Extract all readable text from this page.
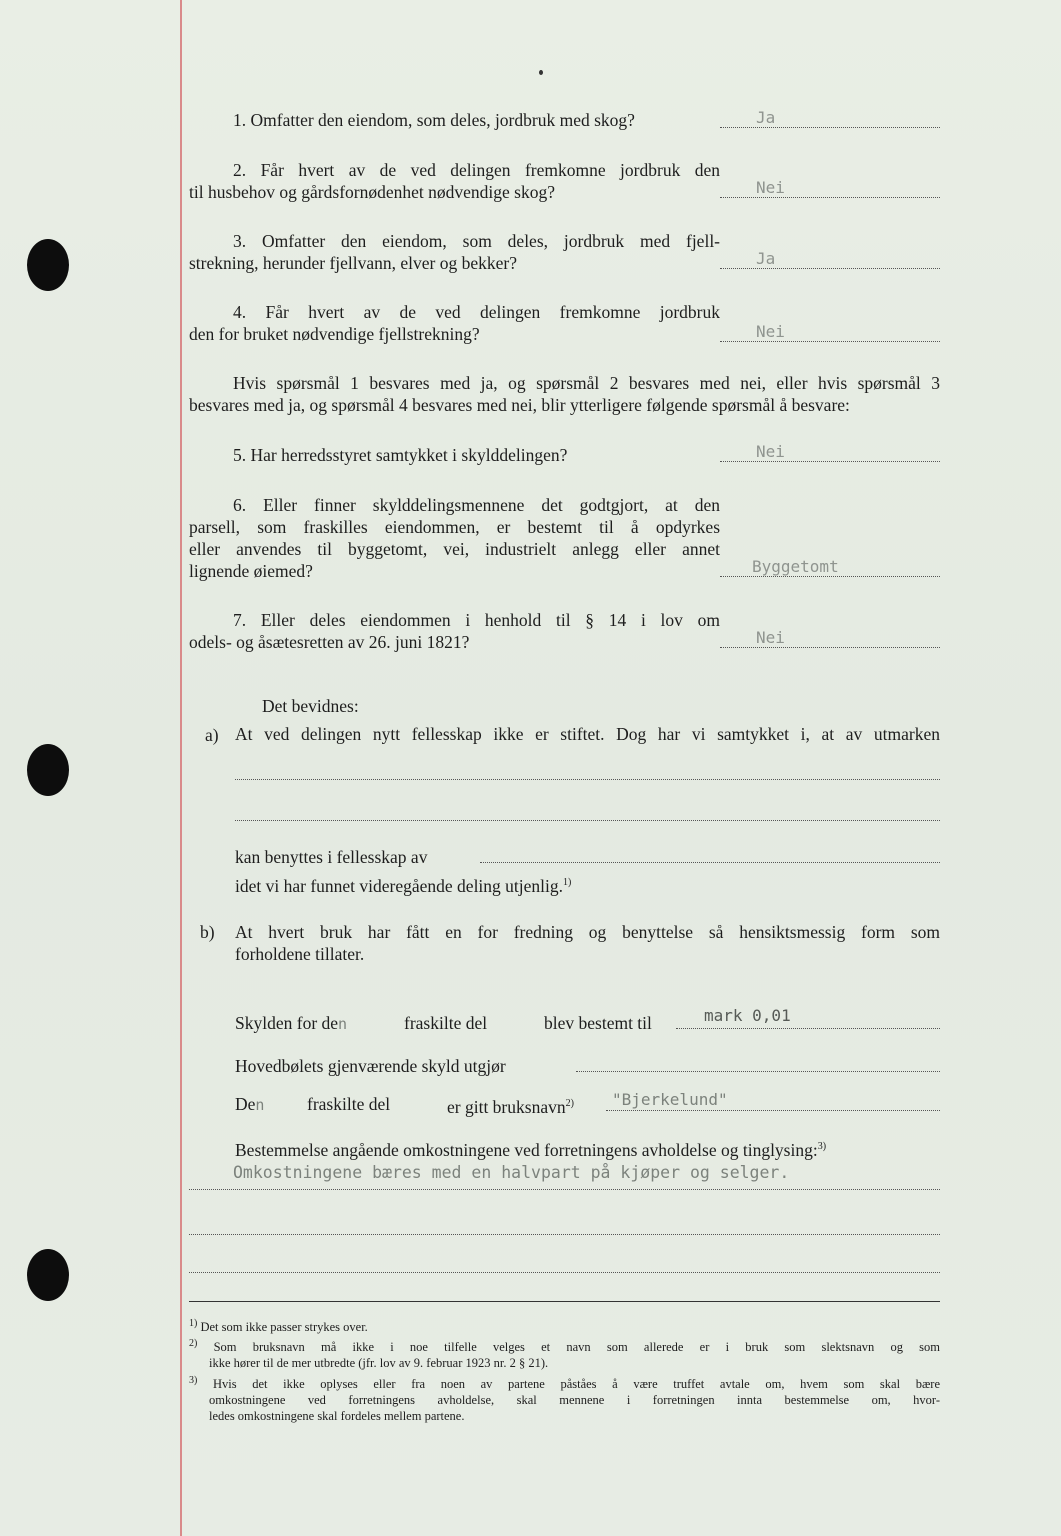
1. Omfatter den eiendom, som deles, jordbruk med skog?	Ja
2. Får hvert av de ved delingen fremkomne jordbruk den
til husbehov og gårdsfornødenhet nødvendige skog?	Nei
3. Omfatter den eiendom, som deles, jordbruk med fjell-
strekning, herunder fjellvann, elver og bekker?	Ja
4. Får hvert av de ved delingen fremkomne jordbruk
den for bruket nødvendige fjellstrekning?	Nei
Hvis spørsmål 1 besvares med ja, og spørsmål 2 besvares med nei, eller hvis spørsmål 3
besvares med ja, og spørsmål 4 besvares med nei, blir ytterligere følgende spørsmål å besvare:
5. Har herredsstyret samtykket i skylddelingen?	Nei
6. Eller finner skylddelingsmennene det godtgjort, at den
parsell, som fraskilles eiendommen, er bestemt til å opdyrkes
eller anvendes til byggetomt, vei, industrielt anlegg eller annet
lignende øiemed?	Byggetomt
7. Eller deles eiendommen i henhold til § 14 i lov om
odels- og åsætesretten av 26. juni 1821?	Nei
Det bevidnes:
a) At ved delingen nytt fellesskap ikke er stiftet. Dog har vi samtykket i, at av utmarken
kan benyttes i fellesskap av
idet vi har funnet videregående deling utjenlig.$^{1)}$
b) At hvert bruk har fått en for fredning og benyttelse så hensiktsmessig form som
forholdene tillater.
Skylden for den	fraskilte del	blev bestemt til	mark 0,01
Hovedbølets gjenværende skyld utgjør
Den fraskilte del	er gitt bruksnavn$^{2)}$ "Bjerkelund"
Bestemmelse angående omkostningene ved forretningens avholdelse og tinglysing:$^{3)}$
Omkostningene bæres med en halvpart på kjøper og selger.
$^{1)}$ Det som ikke passer strykes over.
$^{2)}$ Som bruksnavn må ikke i noe tilfelle velges et navn som allerede er i bruk som slektsnavn og som
ikke hører til de mer utbredte (jfr. lov av 9. februar 1923 nr. 2 § 21).
$^{3)}$ Hvis det ikke oplyses eller fra noen av partene påståes å være truffet avtale om, hvem som skal bære
omkostningene ved forretningens avholdelse, skal mennene i forretningen innta bestemmelse om, hvor-
ledes omkostningene skal fordeles mellem partene.
